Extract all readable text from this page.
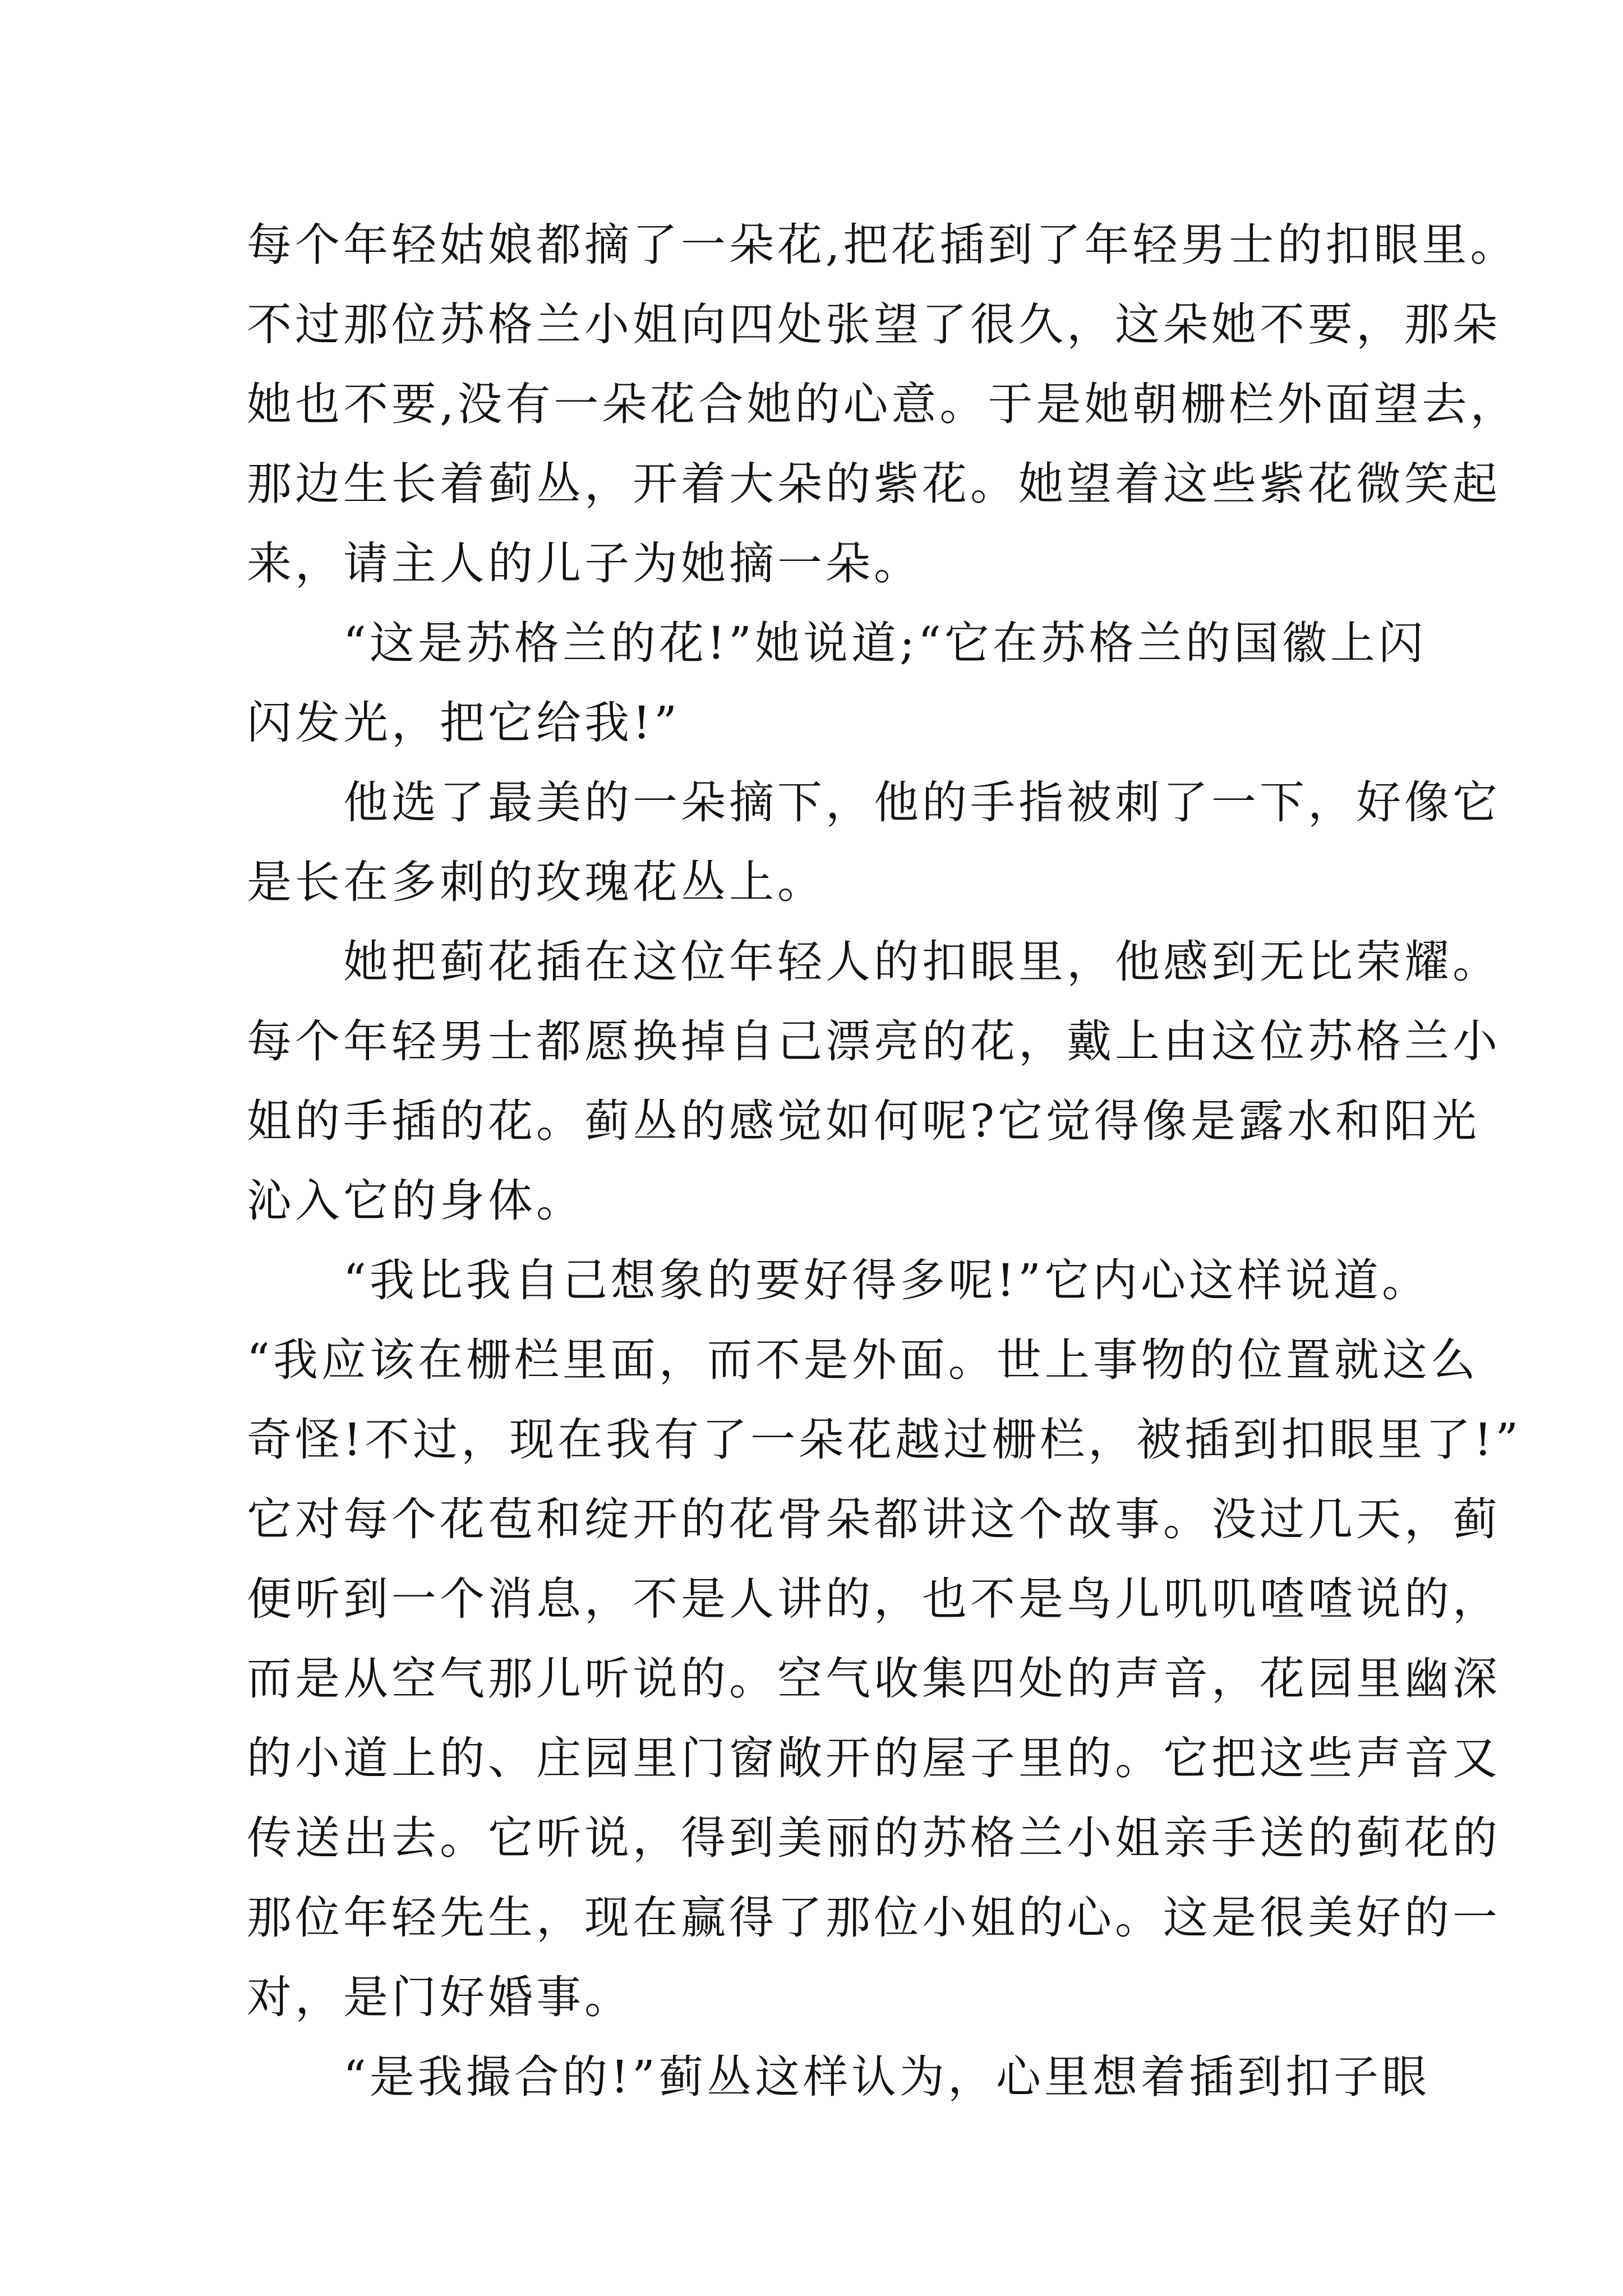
每个年轻姑娘都摘了一朵花,把花插到了年轻男士的扣眼里。
不过那位苏格兰小姐向四处张望了很久，这朵她不要，那朵
她也不要,没有一朵花合她的心意。于是她朝栅栏外面望去，
那边生长着蓟丛，开着大朵的紫花。她望着这些紫花微笑起
来，请主人的儿子为她摘一朵。
　　“这是苏格兰的花!”她说道;“它在苏格兰的国徽上闪
闪发光，把它给我!”
　　他选了最美的一朵摘下，他的手指被刺了一下，好像它
是长在多刺的玫瑰花丛上。
　　她把蓟花插在这位年轻人的扣眼里，他感到无比荣耀。
每个年轻男士都愿换掉自己漂亮的花，戴上由这位苏格兰小
姐的手插的花。蓟丛的感觉如何呢?它觉得像是露水和阳光
沁入它的身体。
　　“我比我自己想象的要好得多呢!”它内心这样说道。
“我应该在栅栏里面，而不是外面。世上事物的位置就这么
奇怪!不过，现在我有了一朵花越过栅栏，被插到扣眼里了!”
它对每个花苞和绽开的花骨朵都讲这个故事。没过几天，蓟
便听到一个消息，不是人讲的，也不是鸟儿叽叽喳喳说的，
而是从空气那儿听说的。空气收集四处的声音，花园里幽深
的小道上的、庄园里门窗敞开的屋子里的。它把这些声音又
传送出去。它听说，得到美丽的苏格兰小姐亲手送的蓟花的
那位年轻先生，现在赢得了那位小姐的心。这是很美好的一
对，是门好婚事。
　　“是我撮合的!”蓟丛这样认为，心里想着插到扣子眼
